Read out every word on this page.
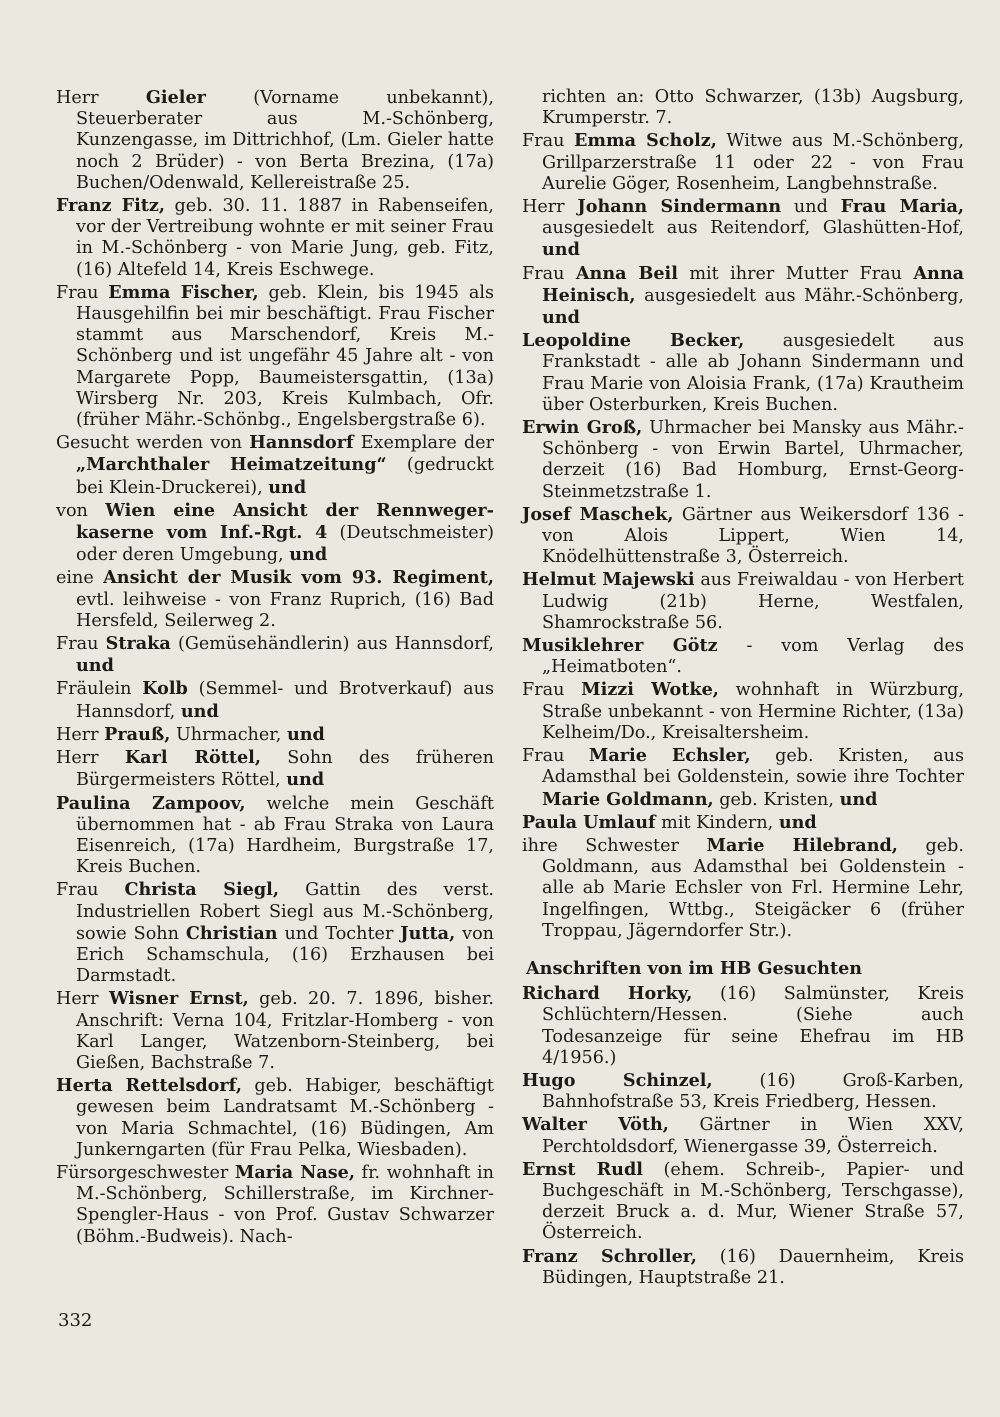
Herr Gieler (Vorname unbekannt), Steuerberater aus M.-Schönberg, Kunzengasse, im Dittrichhof, (Lm. Gieler hatte noch 2 Brüder) - von Berta Brezina, (17a) Buchen/Odenwald, Kellereistraße 25.

Franz Fitz, geb. 30. 11. 1887 in Rabenseifen, vor der Vertreibung wohnte er mit seiner Frau in M.-Schönberg - von Marie Jung, geb. Fitz, (16) Altefeld 14, Kreis Eschwege.

Frau Emma Fischer, geb. Klein, bis 1945 als Hausgehilfin bei mir beschäftigt. Frau Fischer stammt aus Marschendorf, Kreis M.-Schönberg und ist ungefähr 45 Jahre alt - von Margarete Popp, Baumeistersgattin, (13a) Wirsberg Nr. 203, Kreis Kulmbach, Ofr. (früher Mähr.-Schönbg., Engelsbergstraße 6).

Gesucht werden von Hannsdorf Exemplare der „Marchthaler Heimatzeitung“ (gedruckt bei Klein-Druckerei), und

von Wien eine Ansicht der Rennweger-kaserne vom Inf.-Rgt. 4 (Deutschmeister) oder deren Umgebung, und

eine Ansicht der Musik vom 93. Regiment, evtl. leihweise - von Franz Ruprich, (16) Bad Hersfeld, Seilerweg 2.

Frau Straka (Gemüsehändlerin) aus Hannsdorf, und

Fräulein Kolb (Semmel- und Brotverkauf) aus Hannsdorf, und

Herr Prauß, Uhrmacher, und

Herr Karl Röttel, Sohn des früheren Bürgermeisters Röttel, und

Paulina Zampoov, welche mein Geschäft übernommen hat - ab Frau Straka von Laura Eisenreich, (17a) Hardheim, Burgstraße 17, Kreis Buchen.

Frau Christa Siegl, Gattin des verst. Industriellen Robert Siegl aus M.-Schönberg, sowie Sohn Christian und Tochter Jutta, von Erich Schamschula, (16) Erzhausen bei Darmstadt.

Herr Wisner Ernst, geb. 20. 7. 1896, bisher. Anschrift: Verna 104, Fritzlar-Homberg - von Karl Langer, Watzenborn-Steinberg, bei Gießen, Bachstraße 7.

Herta Rettelsdorf, geb. Habiger, beschäftigt gewesen beim Landratsamt M.-Schönberg - von Maria Schmachtel, (16) Büdingen, Am Junkerngarten (für Frau Pelka, Wiesbaden).

Fürsorgeschwester Maria Nase, fr. wohnhaft in M.-Schönberg, Schillerstraße, im Kirchner-Spengler-Haus - von Prof. Gustav Schwarzer (Böhm.-Budweis). Nach-

richten an: Otto Schwarzer, (13b) Augsburg, Krumperstr. 7.

Frau Emma Scholz, Witwe aus M.-Schönberg, Grillparzerstraße 11 oder 22 - von Frau Aurelie Göger, Rosenheim, Langbehnstraße.

Herr Johann Sindermann und Frau Maria, ausgesiedelt aus Reitendorf, Glashütten-Hof, und

Frau Anna Beil mit ihrer Mutter Frau Anna Heinisch, ausgesiedelt aus Mähr.-Schönberg, und

Leopoldine Becker, ausgesiedelt aus Frankstadt - alle ab Johann Sindermann und Frau Marie von Aloisia Frank, (17a) Krautheim über Osterburken, Kreis Buchen.

Erwin Groß, Uhrmacher bei Mansky aus Mähr.-Schönberg - von Erwin Bartel, Uhrmacher, derzeit (16) Bad Homburg, Ernst-Georg-Steinmetzstraße 1.

Josef Maschek, Gärtner aus Weikersdorf 136 - von Alois Lippert, Wien 14, Knödelhüttenstraße 3, Österreich.

Helmut Majewski aus Freiwaldau - von Herbert Ludwig (21b) Herne, Westfalen, Shamrockstraße 56.

Musiklehrer Götz - vom Verlag des „Heimatboten“.

Frau Mizzi Wotke, wohnhaft in Würzburg, Straße unbekannt - von Hermine Richter, (13a) Kelheim/Do., Kreisaltersheim.

Frau Marie Echsler, geb. Kristen, aus Adamsthal bei Goldenstein, sowie ihre Tochter Marie Goldmann, geb. Kristen, und

Paula Umlauf mit Kindern, und

ihre Schwester Marie Hilebrand, geb. Goldmann, aus Adamsthal bei Goldenstein - alle ab Marie Echsler von Frl. Hermine Lehr, Ingelfingen, Wttbg., Steigäcker 6 (früher Troppau, Jägerndorfer Str.).

Anschriften von im HB Gesuchten

Richard Horky, (16) Salmünster, Kreis Schlüchtern/Hessen. (Siehe auch Todesanzeige für seine Ehefrau im HB 4/1956.)

Hugo Schinzel, (16) Groß-Karben, Bahnhofstraße 53, Kreis Friedberg, Hessen.

Walter Vöth, Gärtner in Wien XXV, Perchtoldsdorf, Wienergasse 39, Österreich.

Ernst Rudl (ehem. Schreib-, Papier- und Buchgeschäft in M.-Schönberg, Terschgasse), derzeit Bruck a. d. Mur, Wiener Straße 57, Österreich.

Franz Schroller, (16) Dauernheim, Kreis Büdingen, Hauptstraße 21.

332
